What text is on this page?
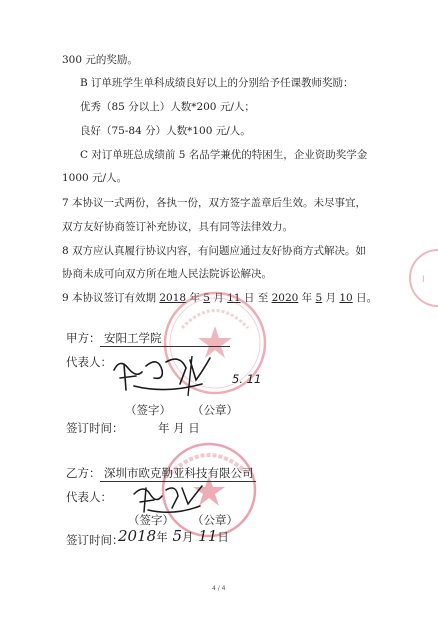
300 元的奖励。
B 订单班学生单科成绩良好以上的分别给予任课教师奖励：
优秀（85 分以上）人数*200 元/人；
良好（75-84 分）人数*100 元/人。
C 对订单班总成绩前 5 名品学兼优的特困生，企业资助奖学金
1000 元/人。
7 本协议一式两份，各执一份，双方签字盖章后生效。未尽事宜，
双方友好协商签订补充协议，具有同等法律效力。
8 双方应认真履行协议内容，有问题应通过友好协商方式解决。如
协商未成可向双方所在地人民法院诉讼解决。
9 本协议签订有效期 2018 年 5 月 11 日 至 2020 年 5 月 10 日。
Ⅰ
甲方： 安阳工学院
代表人：
5. 11
（签字） （公章）
签订时间：	年 月 日
乙方： 深圳市欧克勒亚科技有限公司
代表人：
（签字） （公章）
签订时间：
2018年 5月 11日
4 / 4
